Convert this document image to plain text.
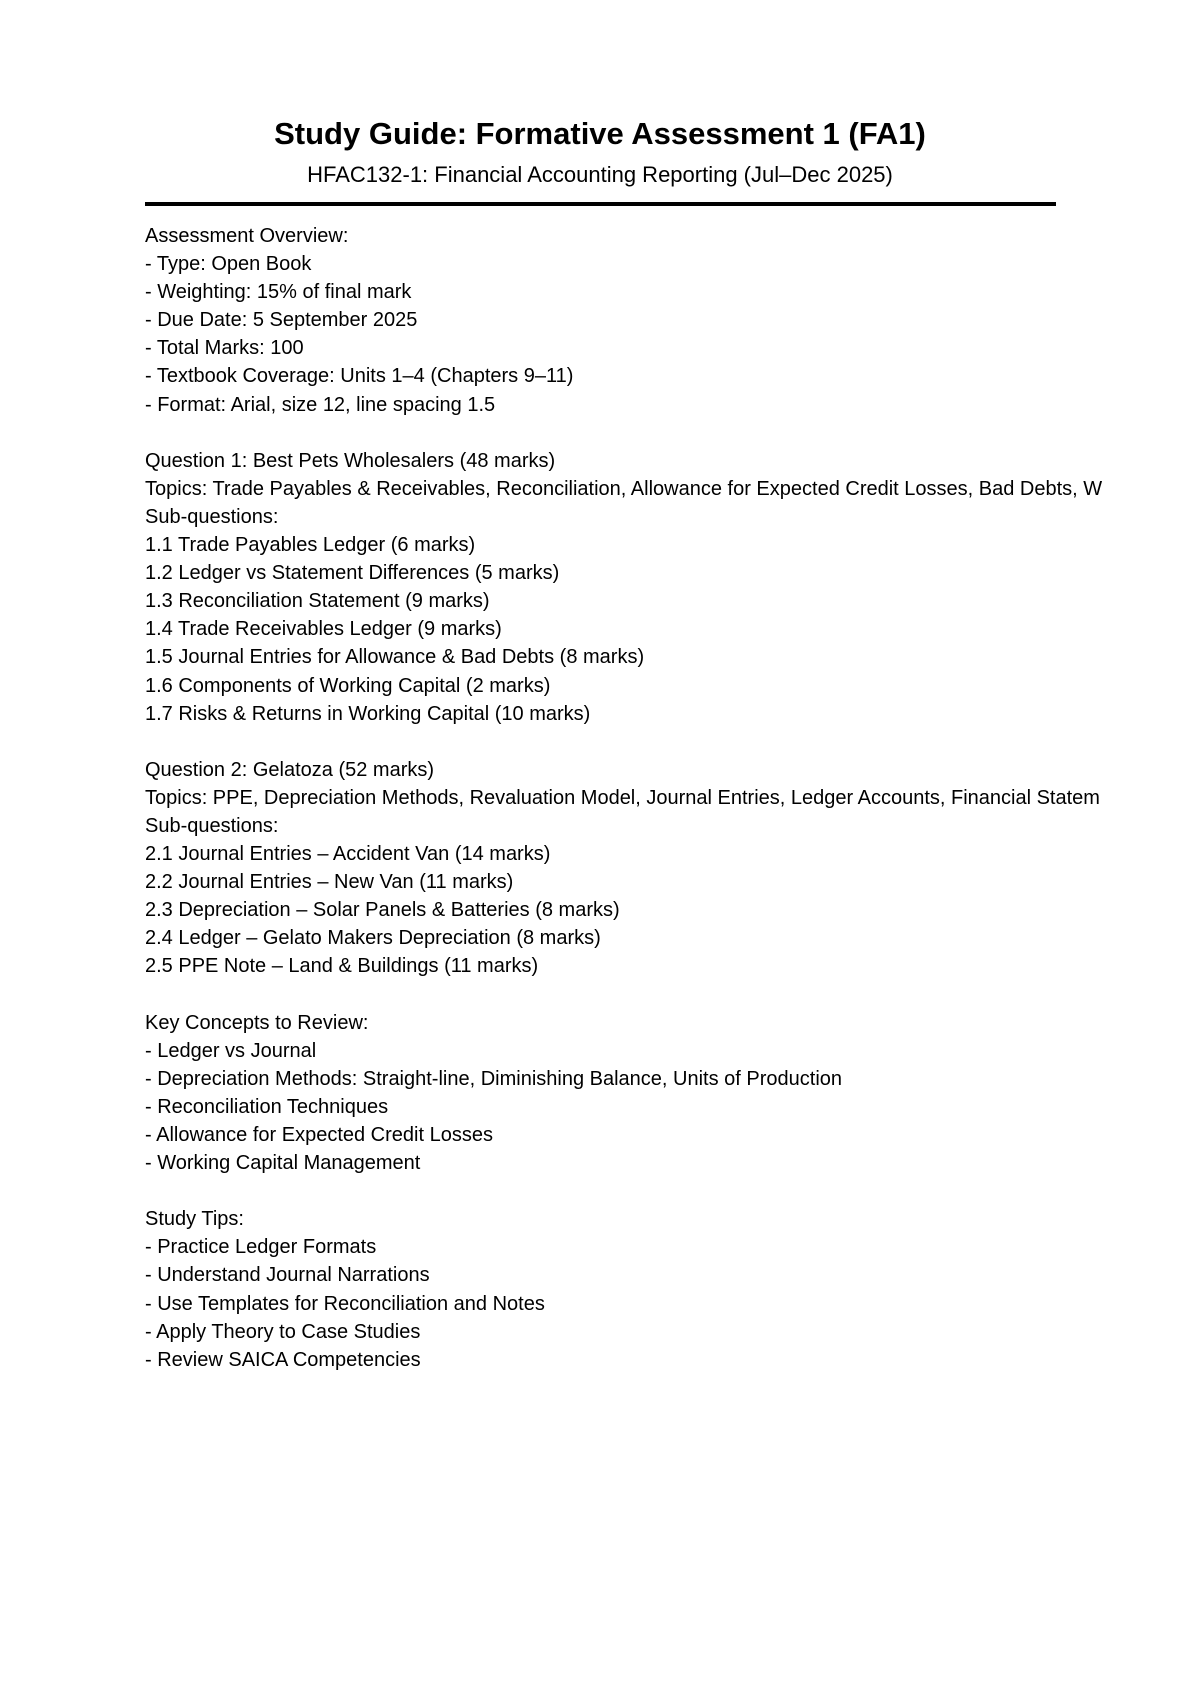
Study Guide: Formative Assessment 1 (FA1)
HFAC132-1: Financial Accounting Reporting (Jul–Dec 2025)
Assessment Overview:
- Type: Open Book
- Weighting: 15% of final mark
- Due Date: 5 September 2025
- Total Marks: 100
- Textbook Coverage: Units 1–4 (Chapters 9–11)
- Format: Arial, size 12, line spacing 1.5
Question 1: Best Pets Wholesalers (48 marks)
Topics: Trade Payables & Receivables, Reconciliation, Allowance for Expected Credit Losses, Bad Debts, W
Sub-questions:
1.1 Trade Payables Ledger (6 marks)
1.2 Ledger vs Statement Differences (5 marks)
1.3 Reconciliation Statement (9 marks)
1.4 Trade Receivables Ledger (9 marks)
1.5 Journal Entries for Allowance & Bad Debts (8 marks)
1.6 Components of Working Capital (2 marks)
1.7 Risks & Returns in Working Capital (10 marks)
Question 2: Gelatoza (52 marks)
Topics: PPE, Depreciation Methods, Revaluation Model, Journal Entries, Ledger Accounts, Financial Statem
Sub-questions:
2.1 Journal Entries – Accident Van (14 marks)
2.2 Journal Entries – New Van (11 marks)
2.3 Depreciation – Solar Panels & Batteries (8 marks)
2.4 Ledger – Gelato Makers Depreciation (8 marks)
2.5 PPE Note – Land & Buildings (11 marks)
Key Concepts to Review:
- Ledger vs Journal
- Depreciation Methods: Straight-line, Diminishing Balance, Units of Production
- Reconciliation Techniques
- Allowance for Expected Credit Losses
- Working Capital Management
Study Tips:
- Practice Ledger Formats
- Understand Journal Narrations
- Use Templates for Reconciliation and Notes
- Apply Theory to Case Studies
- Review SAICA Competencies
